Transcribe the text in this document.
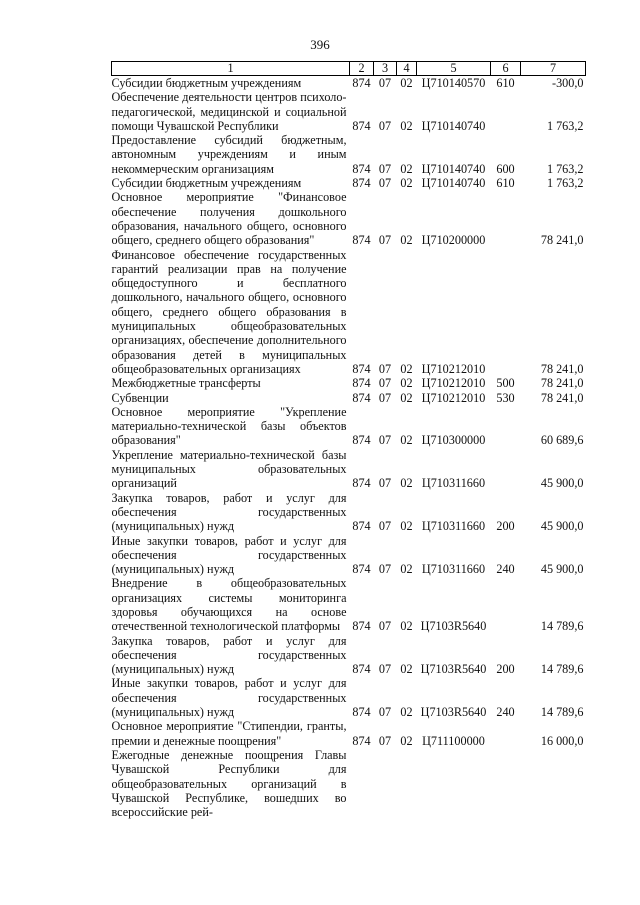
396
1	2	3	4	5	6	7
Субсидии бюджетным учреждениям	874	07	02	Ц710140570	610	-300,0
Обеспечение деятельности центров психоло-педагогической, медицинской и социальной помощи Чувашской Республики	874	07	02	Ц710140740		1 763,2
Предоставление субсидий бюджетным, автономным учреждениям и иным некоммерческим организациям	874	07	02	Ц710140740	600	1 763,2
Субсидии бюджетным учреждениям	874	07	02	Ц710140740	610	1 763,2
Основное мероприятие "Финансовое обеспечение получения дошкольного образования, начального общего, основного общего, среднего общего образования"	874	07	02	Ц710200000		78 241,0
Финансовое обеспечение государственных гарантий реализации прав на получение общедоступного и бесплатного дошкольного, начального общего, основного общего, среднего общего образования в муниципальных общеобразовательных организациях, обеспечение дополнительного образования детей в муниципальных общеобразовательных организациях	874	07	02	Ц710212010		78 241,0
Межбюджетные трансферты	874	07	02	Ц710212010	500	78 241,0
Субвенции	874	07	02	Ц710212010	530	78 241,0
Основное мероприятие "Укрепление материально-технической базы объектов образования"	874	07	02	Ц710300000		60 689,6
Укрепление материально-технической базы муниципальных образовательных организаций	874	07	02	Ц710311660		45 900,0
Закупка товаров, работ и услуг для обеспечения государственных (муниципальных) нужд	874	07	02	Ц710311660	200	45 900,0
Иные закупки товаров, работ и услуг для обеспечения государственных (муниципальных) нужд	874	07	02	Ц710311660	240	45 900,0
Внедрение в общеобразовательных организациях системы мониторинга здоровья обучающихся на основе отечественной технологической платформы	874	07	02	Ц7103R5640		14 789,6
Закупка товаров, работ и услуг для обеспечения государственных (муниципальных) нужд	874	07	02	Ц7103R5640	200	14 789,6
Иные закупки товаров, работ и услуг для обеспечения государственных (муниципальных) нужд	874	07	02	Ц7103R5640	240	14 789,6
Основное мероприятие "Стипендии, гранты, премии и денежные поощрения"	874	07	02	Ц711100000		16 000,0
Ежегодные денежные поощрения Главы Чувашской Республики для общеобразовательных организаций в Чувашской Республике, вошедших во всероссийские рей-						
